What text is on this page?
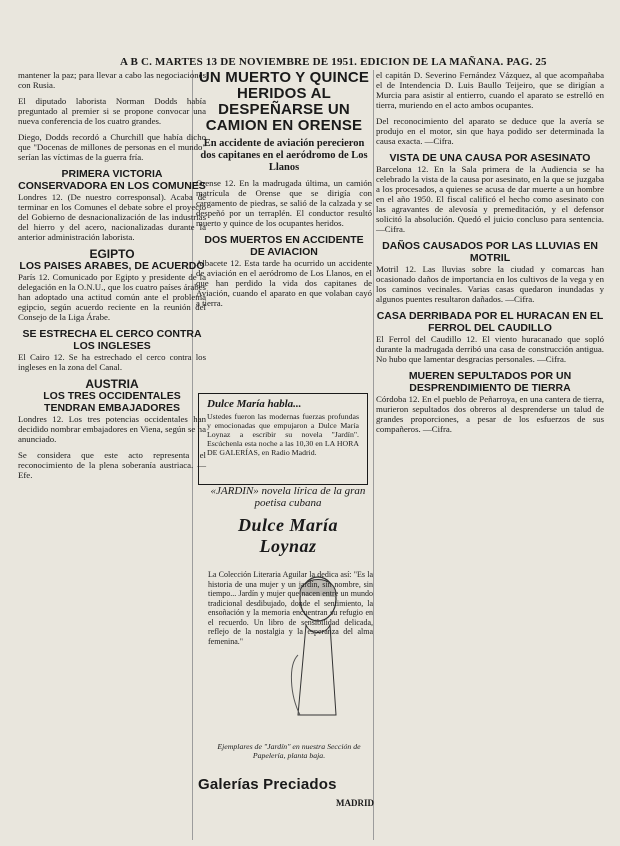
A B C. MARTES 13 DE NOVIEMBRE DE 1951. EDICION DE LA MAÑANA. PAG. 25

mantener la paz; para llevar a cabo las negociaciones con Rusia.

El diputado laborista Norman Dodds había preguntado al premier si se propone convocar una nueva conferencia de los cuatro grandes.

Diego, Dodds recordó a Churchill que había dicho que "Docenas de millones de personas en el mundo" serían las víctimas de la guerra fría.

PRIMERA VICTORIA CONSERVADORA EN LOS COMUNES

Londres 12. (De nuestro corresponsal). Acaba de terminar en los Comunes el debate sobre el proyecto del Gobierno de desnacionalización de las industrias del hierro y del acero, nacionalizadas durante la anterior administración laborista.

EGIPTO

LOS PAISES ARABES, DE ACUERDO

París 12. Comunicado por Egipto y presidente de la delegación en la O.N.U., que los cuatro países árabes han adoptado una actitud común ante el problema egipcio, según acuerdo reciente en la reunión del Consejo de la Liga Árabe.

SE ESTRECHA EL CERCO CONTRA LOS INGLESES

El Cairo 12. Se ha estrechado el cerco contra los ingleses en la zona del Canal.

AUSTRIA

LOS TRES OCCIDENTALES TENDRAN EMBAJADORES

Londres 12. Los tres potencias occidentales han decidido nombrar embajadores en Viena, según se ha anunciado.

Se considera que este acto representa el reconocimiento de la plena soberanía austriaca. —Efe.

UN MUERTO Y QUINCE HERIDOS AL DESPEÑARSE UN CAMION EN ORENSE

En accidente de aviación perecieron dos capitanes en el aeródromo de Los Llanos

Orense 12. En la madrugada última, un camión matrícula de Orense que se dirigía con cargamento de piedras, se salió de la calzada y se despeñó por un terraplén. El conductor resultó muerto y quince de los ocupantes heridos.

DOS MUERTOS EN ACCIDENTE DE AVIACION

Albacete 12. Esta tarde ha ocurrido un accidente de aviación en el aeródromo de Los Llanos, en el que han perdido la vida dos capitanes de Aviación, cuando el aparato en que volaban cayó a tierra.

Dulce María habla...
Ustedes fueron las modernas fuerzas profundas y emocionadas que empujaron a Dulce María Loynaz a escribir su novela "Jardín". Escúchenla esta noche a las 10,30 en LA HORA DE GALERÍAS, en Radio Madrid.
«JARDIN» novela lírica de la gran poetisa cubana
Dulce María Loynaz
La Colección Literaria Aguilar la dedica así: "Es la historia de una mujer y un jardín, sin nombre, sin tiempo... Jardín y mujer que nacen entre un mundo tradicional desdibujado, donde el sentimiento, la ensoñación y la memoria encuentran su refugio en el recuerdo. Un libro de sensibilidad delicada, reflejo de la nostalgia y la esperanza del alma femenina."
Ejemplares de "Jardín" en nuestra Sección de Papelería, planta baja.
Galerías Preciados
MADRID

el capitán D. Severino Fernández Vázquez, al que acompañaba el de Intendencia D. Luis Baullo Teijeiro, que se dirigían a Murcia para asistir al entierro, cuando el aparato se estrelló en tierra, muriendo en el acto ambos ocupantes.

Del reconocimiento del aparato se deduce que la avería se produjo en el motor, sin que haya podido ser determinada la causa exacta. —Cifra.

VISTA DE UNA CAUSA POR ASESINATO

Barcelona 12. En la Sala primera de la Audiencia se ha celebrado la vista de la causa por asesinato, en la que se juzgaba a los procesados, a quienes se acusa de dar muerte a un hombre en el año 1950. El fiscal calificó el hecho como asesinato con las agravantes de alevosía y premeditación, y el defensor solicitó la absolución. Quedó el juicio concluso para sentencia. —Cifra.

DAÑOS CAUSADOS POR LAS LLUVIAS EN MOTRIL

Motril 12. Las lluvias sobre la ciudad y comarcas han ocasionado daños de importancia en los cultivos de la vega y en los caminos vecinales. Varias casas quedaron inundadas y algunos puentes resultaron dañados. —Cifra.

CASA DERRIBADA POR EL HURACAN EN EL FERROL DEL CAUDILLO

El Ferrol del Caudillo 12. El viento huracanado que sopló durante la madrugada derribó una casa de construcción antigua. No hubo que lamentar desgracias personales. —Cifra.

MUEREN SEPULTADOS POR UN DESPRENDIMIENTO DE TIERRA

Córdoba 12. En el pueblo de Peñarroya, en una cantera de tierra, murieron sepultados dos obreros al desprenderse un talud de grandes proporciones, a pesar de los esfuerzos de sus compañeros. —Cifra.
